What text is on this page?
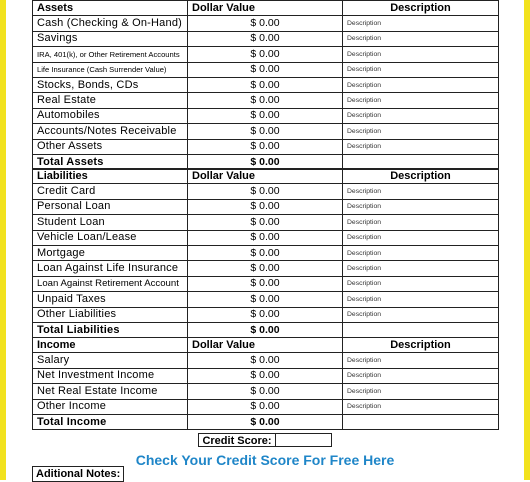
Assets	Dollar Value	Description
Cash (Checking & On-Hand)	$ 0.00	Description
Savings	$ 0.00	Description
IRA, 401(k), or Other Retirement Accounts	$ 0.00	Description
Life Insurance (Cash Surrender Value)	$ 0.00	Description
Stocks, Bonds, CDs	$ 0.00	Description
Real Estate	$ 0.00	Description
Automobiles	$ 0.00	Description
Accounts/Notes Receivable	$ 0.00	Description
Other Assets	$ 0.00	Description
Total Assets	$ 0.00	
Liabilities	Dollar Value	Description
Credit Card	$ 0.00	Description
Personal Loan	$ 0.00	Description
Student Loan	$ 0.00	Description
Vehicle Loan/Lease	$ 0.00	Description
Mortgage	$ 0.00	Description
Loan Against Life Insurance	$ 0.00	Description
Loan Against Retirement Account	$ 0.00	Description
Unpaid Taxes	$ 0.00	Description
Other Liabilities	$ 0.00	Description
Total Liabilities	$ 0.00	
Income	Dollar Value	Description
Salary	$ 0.00	Description
Net Investment Income	$ 0.00	Description
Net Real Estate Income	$ 0.00	Description
Other Income	$ 0.00	Description
Total Income	$ 0.00	
Credit Score:
Check Your Credit Score For Free Here
Aditional Notes:
